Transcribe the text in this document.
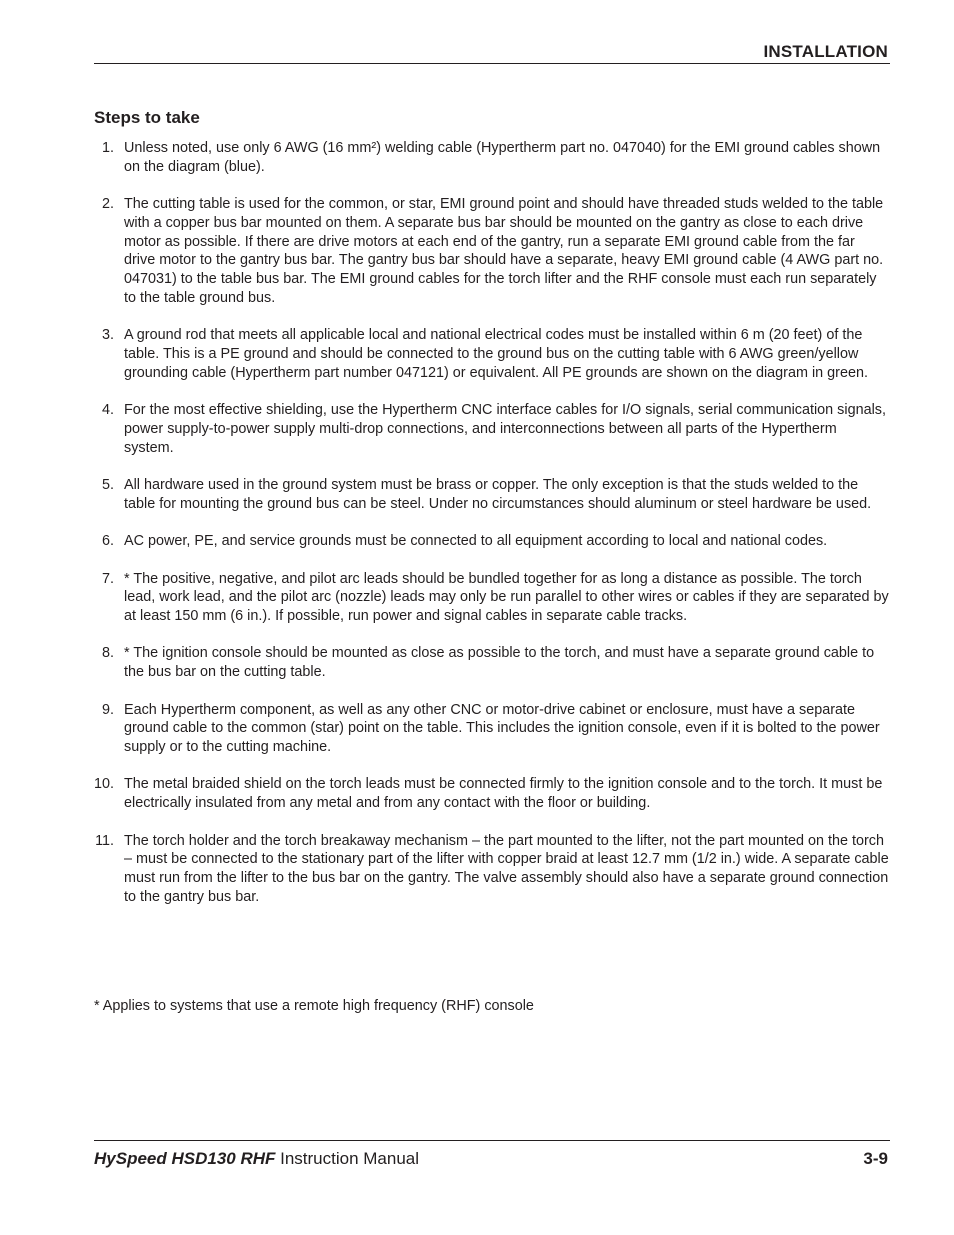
INSTALLATION
Steps to take
1. Unless noted, use only 6 AWG (16 mm²) welding cable (Hypertherm part no. 047040) for the EMI ground cables shown on the diagram (blue).
2. The cutting table is used for the common, or star, EMI ground point and should have threaded studs welded to the table with a copper bus bar mounted on them. A separate bus bar should be mounted on the gantry as close to each drive motor as possible. If there are drive motors at each end of the gantry, run a separate EMI ground cable from the far drive motor to the gantry bus bar. The gantry bus bar should have a separate, heavy EMI ground cable (4 AWG part no. 047031) to the table bus bar. The EMI ground cables for the torch lifter and the RHF console must each run separately to the table ground bus.
3. A ground rod that meets all applicable local and national electrical codes must be installed within 6 m (20 feet) of the table. This is a PE ground and should be connected to the ground bus on the cutting table with 6 AWG green/yellow grounding cable (Hypertherm part number 047121) or equivalent. All PE grounds are shown on the diagram in green.
4. For the most effective shielding, use the Hypertherm CNC interface cables for I/O signals, serial communication signals, power supply-to-power supply multi-drop connections, and interconnections between all parts of the Hypertherm system.
5. All hardware used in the ground system must be brass or copper. The only exception is that the studs welded to the table for mounting the ground bus can be steel. Under no circumstances should aluminum or steel hardware be used.
6. AC power, PE, and service grounds must be connected to all equipment according to local and national codes.
7. * The positive, negative, and pilot arc leads should be bundled together for as long a distance as possible. The torch lead, work lead, and the pilot arc (nozzle) leads may only be run parallel to other wires or cables if they are separated by at least 150 mm (6 in.). If possible, run power and signal cables in separate cable tracks.
8. * The ignition console should be mounted as close as possible to the torch, and must have a separate ground cable to the bus bar on the cutting table.
9. Each Hypertherm component, as well as any other CNC or motor-drive cabinet or enclosure, must have a separate ground cable to the common (star) point on the table. This includes the ignition console, even if it is bolted to the power supply or to the cutting machine.
10. The metal braided shield on the torch leads must be connected firmly to the ignition console and to the torch. It must be electrically insulated from any metal and from any contact with the floor or building.
11. The torch holder and the torch breakaway mechanism – the part mounted to the lifter, not the part mounted on the torch – must be connected to the stationary part of the lifter with copper braid at least 12.7 mm (1/2 in.) wide. A separate cable must run from the lifter to the bus bar on the gantry. The valve assembly should also have a separate ground connection to the gantry bus bar.
* Applies to systems that use a remote high frequency (RHF) console
HySpeed HSD130 RHF Instruction Manual	3-9
